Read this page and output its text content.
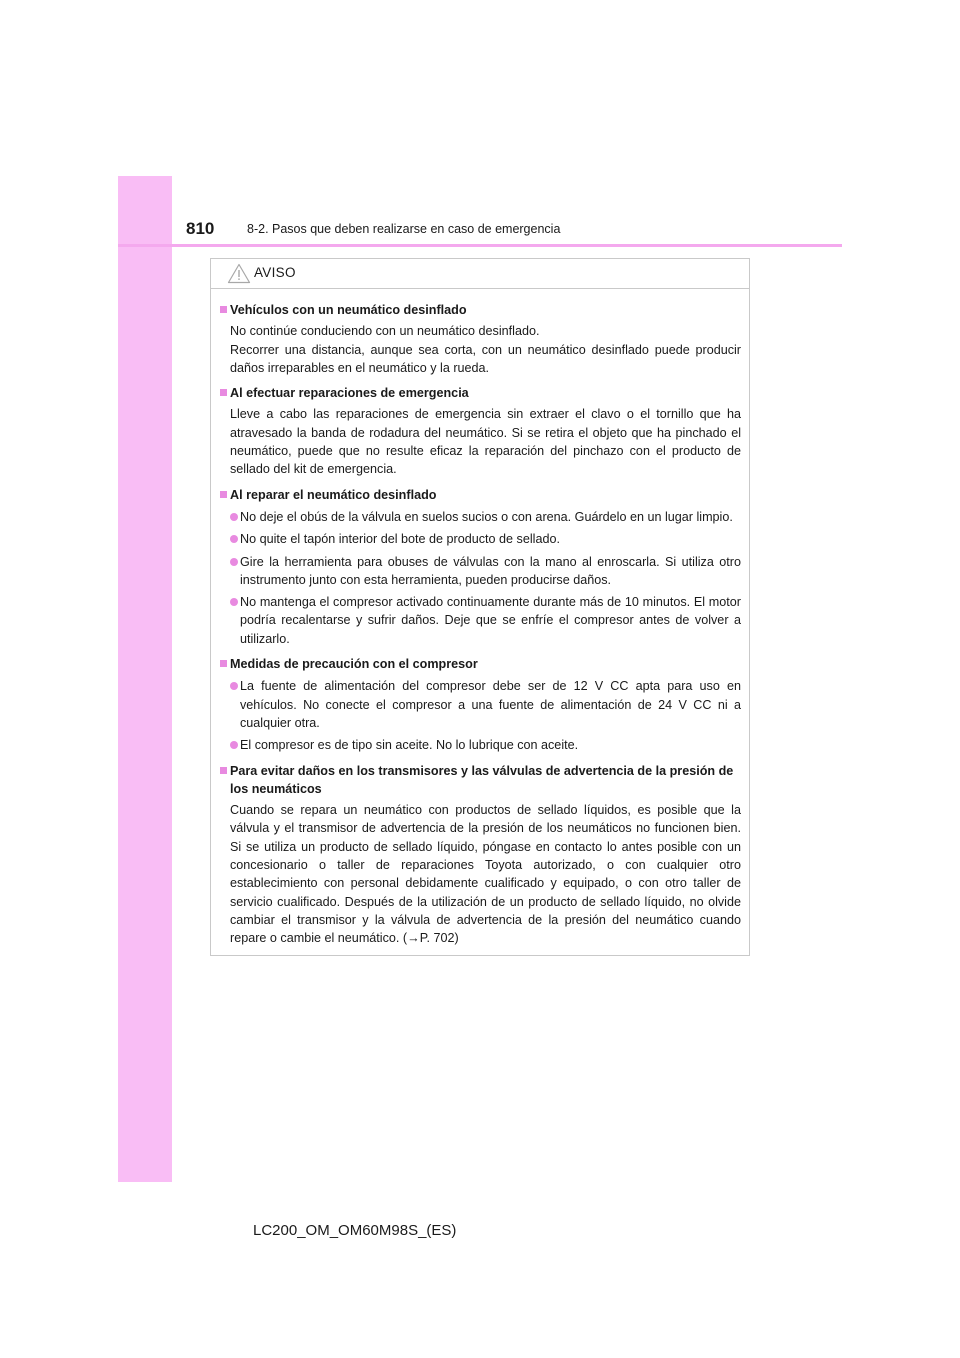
810	8-2. Pasos que deben realizarse en caso de emergencia
AVISO
Vehículos con un neumático desinflado
No continúe conduciendo con un neumático desinflado.
Recorrer una distancia, aunque sea corta, con un neumático desinflado puede producir daños irreparables en el neumático y la rueda.
Al efectuar reparaciones de emergencia
Lleve a cabo las reparaciones de emergencia sin extraer el clavo o el tornillo que ha atravesado la banda de rodadura del neumático. Si se retira el objeto que ha pinchado el neumático, puede que no resulte eficaz la reparación del pinchazo con el producto de sellado del kit de emergencia.
Al reparar el neumático desinflado
No deje el obús de la válvula en suelos sucios o con arena. Guárdelo en un lugar limpio.
No quite el tapón interior del bote de producto de sellado.
Gire la herramienta para obuses de válvulas con la mano al enroscarla. Si utiliza otro instrumento junto con esta herramienta, pueden producirse daños.
No mantenga el compresor activado continuamente durante más de 10 minutos. El motor podría recalentarse y sufrir daños. Deje que se enfríe el compresor antes de volver a utilizarlo.
Medidas de precaución con el compresor
La fuente de alimentación del compresor debe ser de 12 V CC apta para uso en vehículos. No conecte el compresor a una fuente de alimentación de 24 V CC ni a cualquier otra.
El compresor es de tipo sin aceite. No lo lubrique con aceite.
Para evitar daños en los transmisores y las válvulas de advertencia de la presión de los neumáticos
Cuando se repara un neumático con productos de sellado líquidos, es posible que la válvula y el transmisor de advertencia de la presión de los neumáticos no funcionen bien. Si se utiliza un producto de sellado líquido, póngase en contacto lo antes posible con un concesionario o taller de reparaciones Toyota autorizado, o con cualquier otro establecimiento con personal debidamente cualificado y equipado, o con otro taller de servicio cualificado. Después de la utilización de un producto de sellado líquido, no olvide cambiar el transmisor y la válvula de advertencia de la presión del neumático cuando repare o cambie el neumático. (→P. 702)
LC200_OM_OM60M98S_(ES)
